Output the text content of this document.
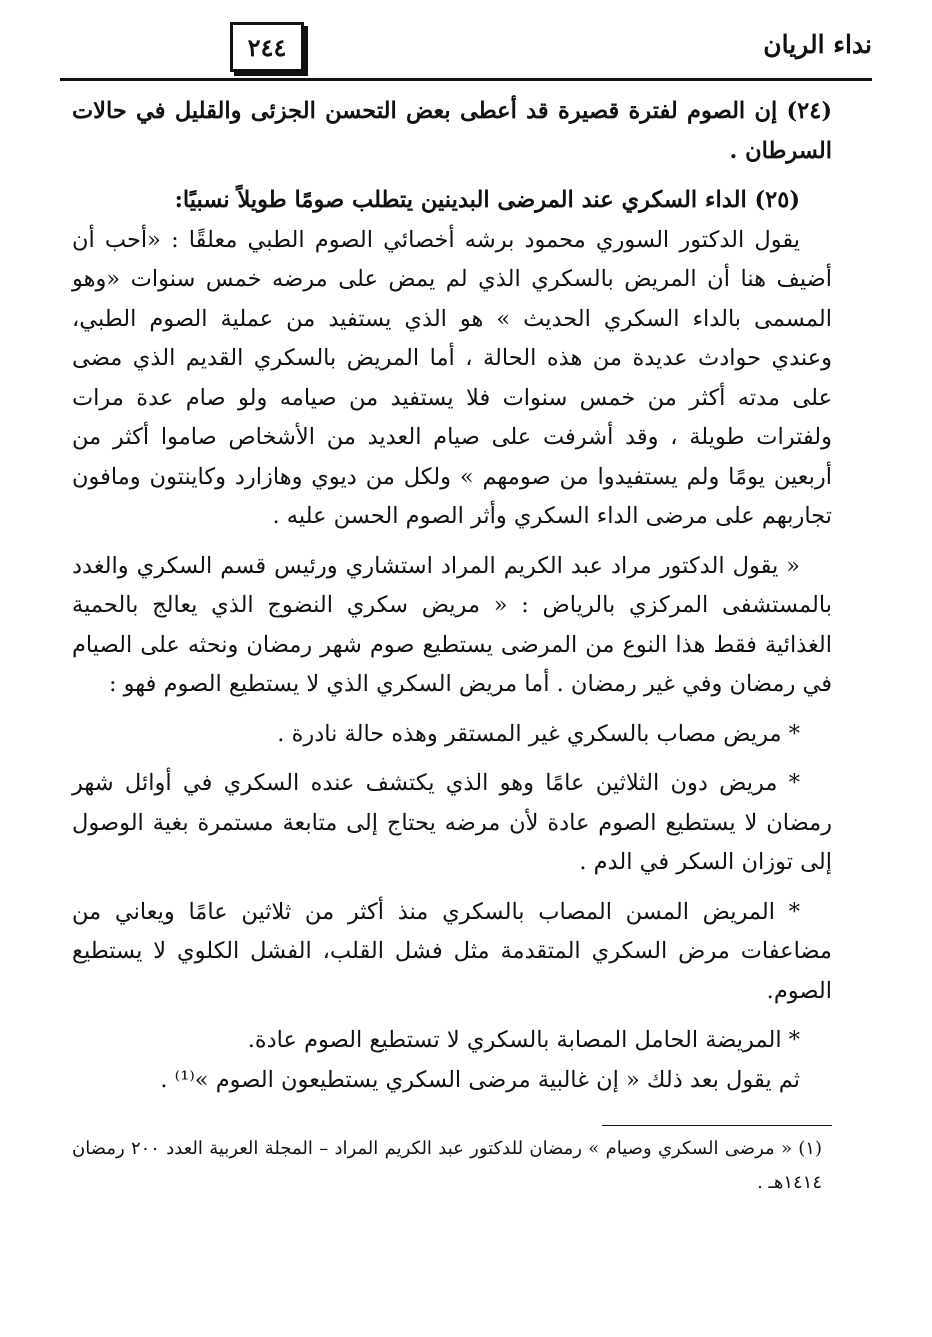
نداء الريان
٢٤٤

(٢٤) إن الصوم لفترة قصيرة قد أعطى بعض التحسن الجزئى والقليل في حالات السرطان .

(٢٥) الداء السكري عند المرضى البدينين يتطلب صومًا طويلاً نسبيًا:

يقول الدكتور السوري محمود برشه أخصائي الصوم الطبي معلقًا : «أحب أن أضيف هنا أن المريض بالسكري الذي لم يمض على مرضه خمس سنوات «وهو المسمى بالداء السكري الحديث » هو الذي يستفيد من عملية الصوم الطبي، وعندي حوادث عديدة من هذه الحالة ، أما المريض بالسكري القديم الذي مضى على مدته أكثر من خمس سنوات فلا يستفيد من صيامه ولو صام عدة مرات ولفترات طويلة ، وقد أشرفت على صيام العديد من الأشخاص صاموا أكثر من أربعين يومًا ولم يستفيدوا من صومهم » ولكل من ديوي وهازارد وكاينتون ومافون تجاربهم على مرضى الداء السكري وأثر الصوم الحسن عليه .

« يقول الدكتور مراد عبد الكريم المراد استشاري ورئيس قسم السكري والغدد بالمستشفى المركزي بالرياض : « مريض سكري النضوج الذي يعالج بالحمية الغذائية فقط هذا النوع من المرضى يستطيع صوم شهر رمضان ونحثه على الصيام في رمضان وفي غير رمضان . أما مريض السكري الذي لا يستطيع الصوم فهو :

* مريض مصاب بالسكري غير المستقر وهذه حالة نادرة .

* مريض دون الثلاثين عامًا وهو الذي يكتشف عنده السكري في أوائل شهر رمضان لا يستطيع الصوم عادة لأن مرضه يحتاج إلى متابعة مستمرة بغية الوصول إلى توزان السكر في الدم .

* المريض المسن المصاب بالسكري منذ أكثر من ثلاثين عامًا ويعاني من مضاعفات مرض السكري المتقدمة مثل فشل القلب، الفشل الكلوي لا يستطيع الصوم.

* المريضة الحامل المصابة بالسكري لا تستطيع الصوم عادة.

ثم يقول بعد ذلك « إن غالبية مرضى السكري يستطيعون الصوم »⁽¹⁾ .

(١) « مرضى السكري وصيام » رمضان للدكتور عبد الكريم المراد – المجلة العربية العدد ٢٠٠ رمضان ١٤١٤هـ .
